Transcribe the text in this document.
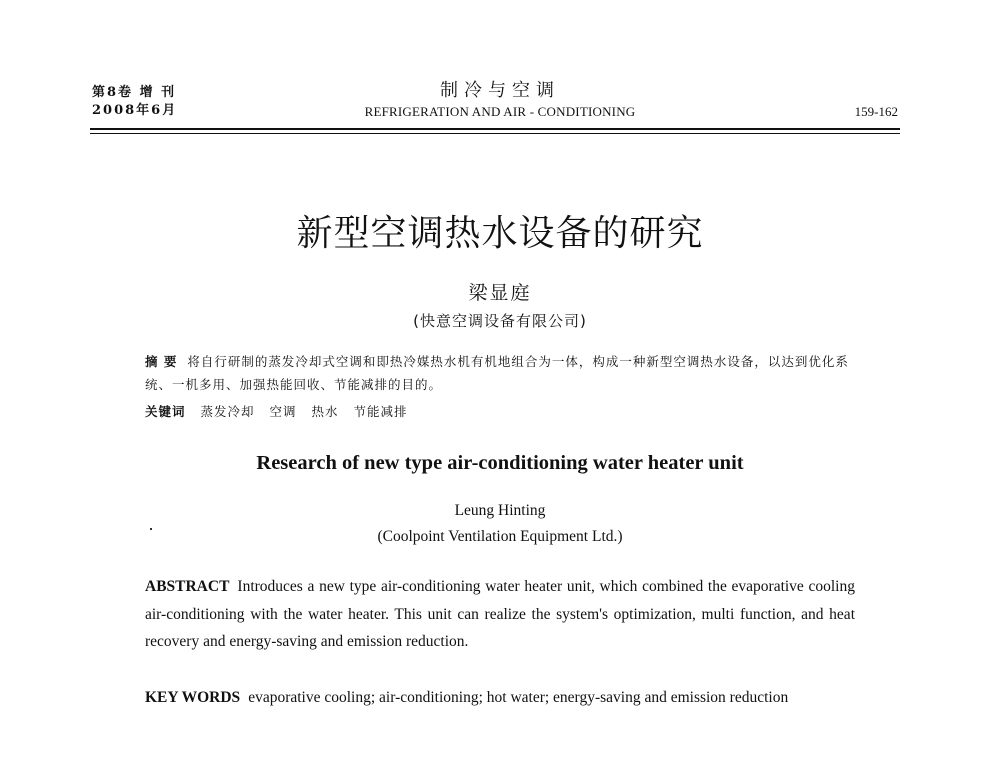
第8卷 增 刊
2008年6月
制冷与空调
REFRIGERATION AND AIR - CONDITIONING	159-162
新型空调热水设备的研究
梁显庭
(快意空调设备有限公司)
摘 要 将自行研制的蒸发冷却式空调和即热冷媒热水机有机地组合为一体，构成一种新型空调热水设备，以达到优化系统、一机多用、加强热能回收、节能减排的目的。
关键词 蒸发冷却 空调 热水 节能减排
Research of new type air-conditioning water heater unit
Leung Hinting
(Coolpoint Ventilation Equipment Ltd.)
ABSTRACT Introduces a new type air-conditioning water heater unit, which combined the evaporative cooling air-conditioning with the water heater. This unit can realize the system's optimization, multi function, and heat recovery and energy-saving and emission reduction.
KEY WORDS evaporative cooling; air-conditioning; hot water; energy-saving and emission reduction
